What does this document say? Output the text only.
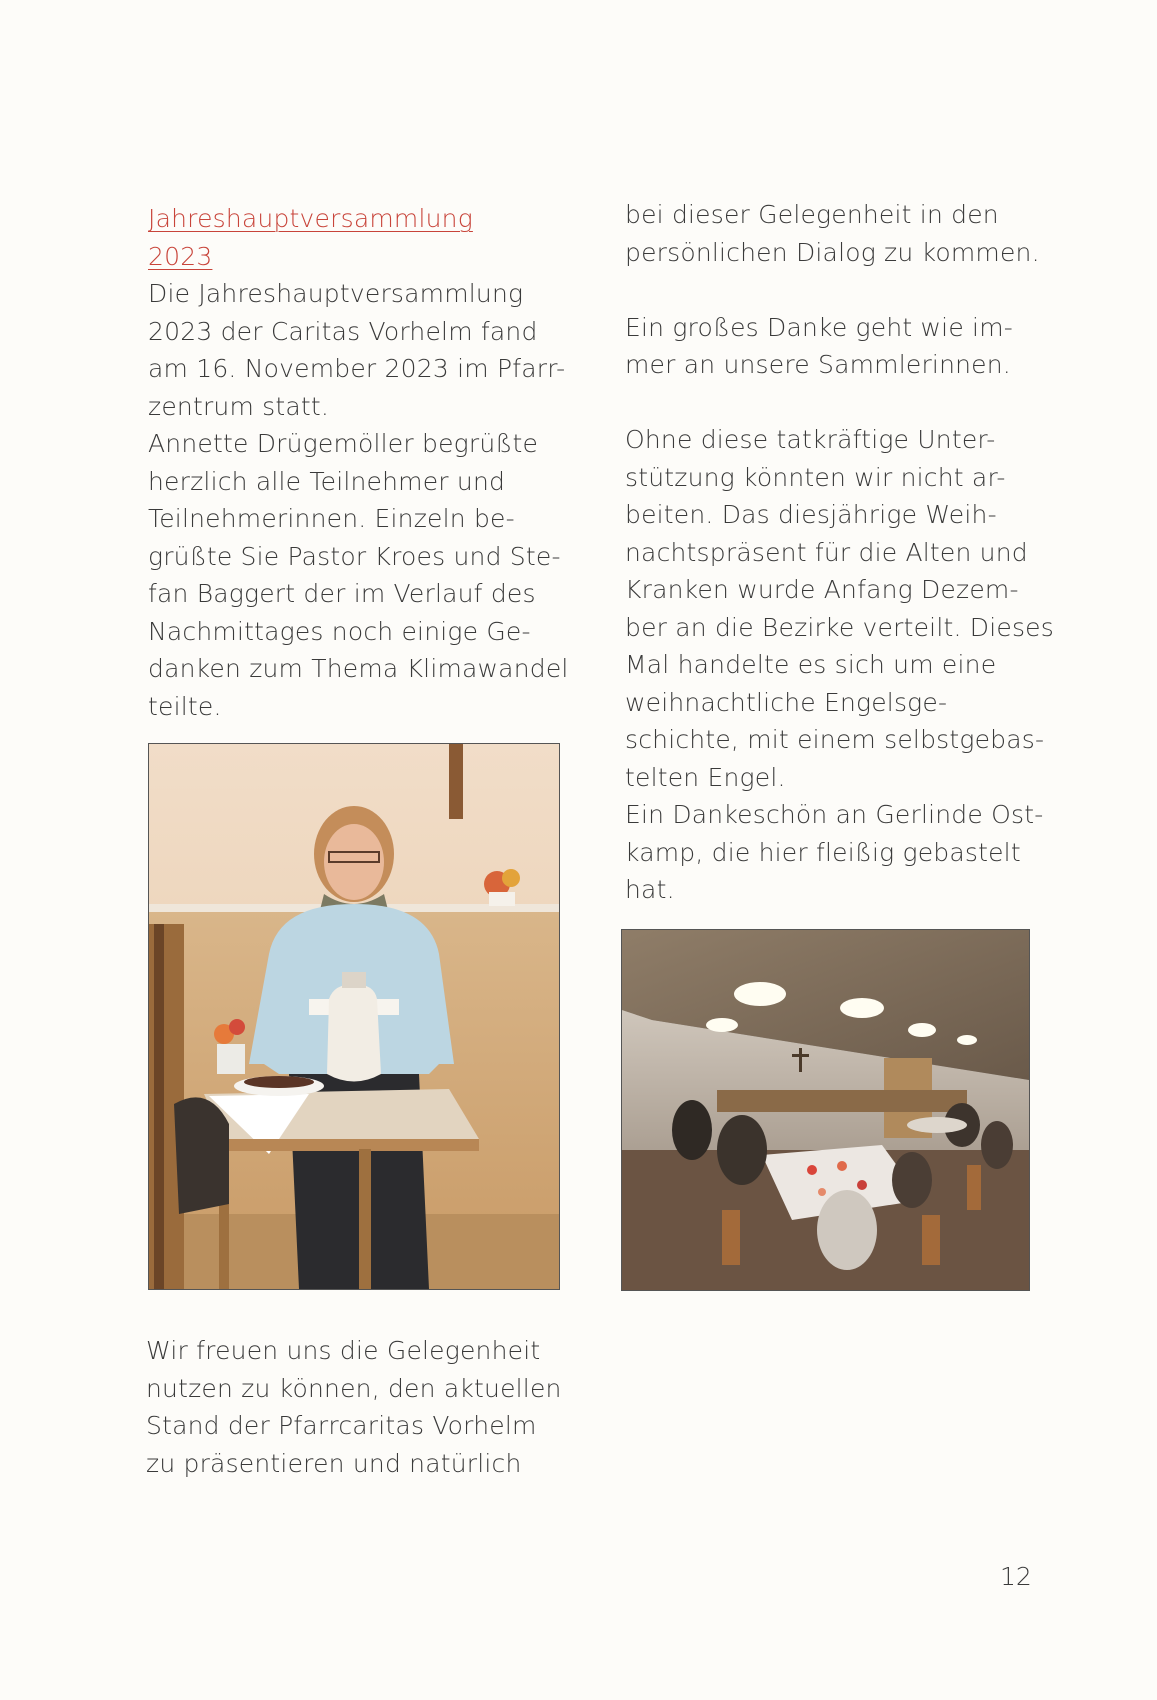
Jahreshauptversammlung
2023
Die Jahreshauptversammlung
2023 der Caritas Vorhelm fand
am 16. November 2023 im Pfarr-
zentrum statt.
Annette Drügemöller begrüßte
herzlich alle Teilnehmer und
Teilnehmerinnen. Einzeln be-
grüßte Sie Pastor Kroes und Ste-
fan Baggert der im Verlauf des
Nachmittages noch einige Ge-
danken zum Thema Klimawandel
teilte.
Wir freuen uns die Gelegenheit
nutzen zu können, den aktuellen
Stand der Pfarrcaritas Vorhelm
zu präsentieren und natürlich
bei dieser Gelegenheit in den
persönlichen Dialog zu kommen.
Ein großes Danke geht wie im-
mer an unsere Sammlerinnen.
Ohne diese tatkräftige Unter-
stützung könnten wir nicht ar-
beiten. Das diesjährige Weih-
nachtspräsent für die Alten und
Kranken wurde Anfang Dezem-
ber an die Bezirke verteilt. Dieses
Mal handelte es sich um eine
weihnachtliche Engelsge-
schichte, mit einem selbstgebas-
telten Engel.
Ein Dankeschön an Gerlinde Ost-
kamp, die hier fleißig gebastelt
hat.
12
